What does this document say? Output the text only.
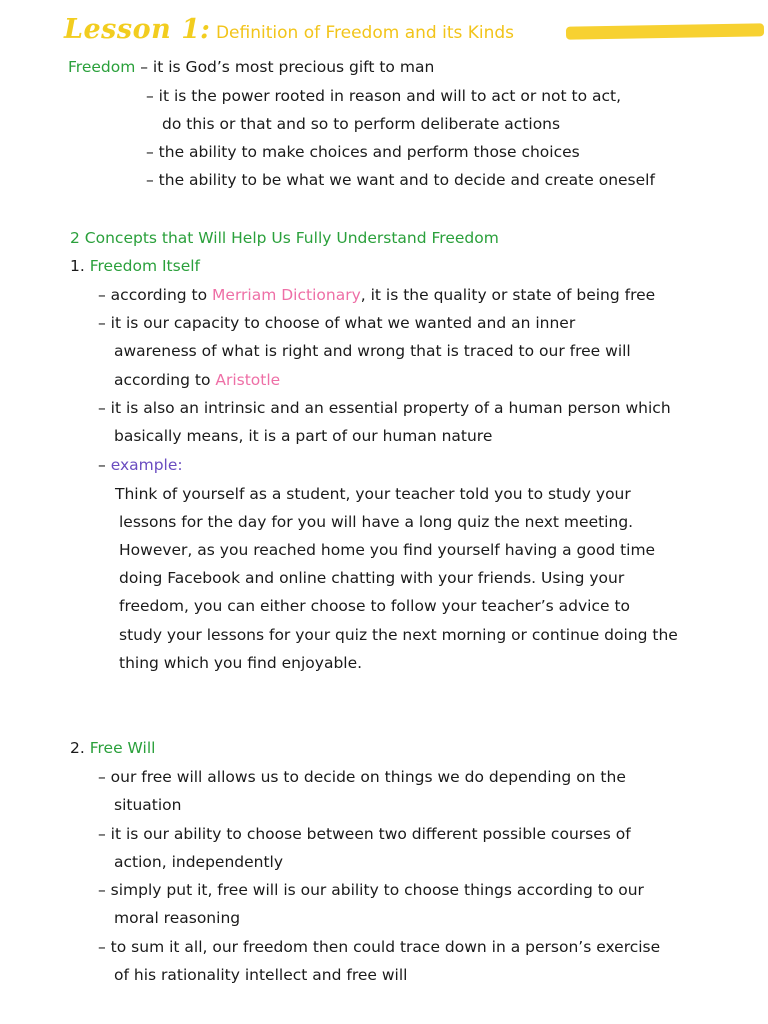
Lesson 1: Definition of Freedom and its Kinds
Freedom – it is God’s most precious gift to man
– it is the power rooted in reason and will to act or not to act,
do this or that and so to perform deliberate actions
– the ability to make choices and perform those choices
– the ability to be what we want and to decide and create oneself
2 Concepts that Will Help Us Fully Understand Freedom
1. Freedom Itself
– according to Merriam Dictionary, it is the quality or state of being free
– it is our capacity to choose of what we wanted and an inner
awareness of what is right and wrong that is traced to our free will
according to Aristotle
– it is also an intrinsic and an essential property of a human person which
basically means, it is a part of our human nature
– example:
Think of yourself as a student, your teacher told you to study your
lessons for the day for you will have a long quiz the next meeting.
However, as you reached home you find yourself having a good time
doing Facebook and online chatting with your friends. Using your
freedom, you can either choose to follow your teacher’s advice to
study your lessons for your quiz the next morning or continue doing the
thing which you find enjoyable.
2. Free Will
– our free will allows us to decide on things we do depending on the
situation
– it is our ability to choose between two different possible courses of
action, independently
– simply put it, free will is our ability to choose things according to our
moral reasoning
– to sum it all, our freedom then could trace down in a person’s exercise
of his rationality intellect and free will
